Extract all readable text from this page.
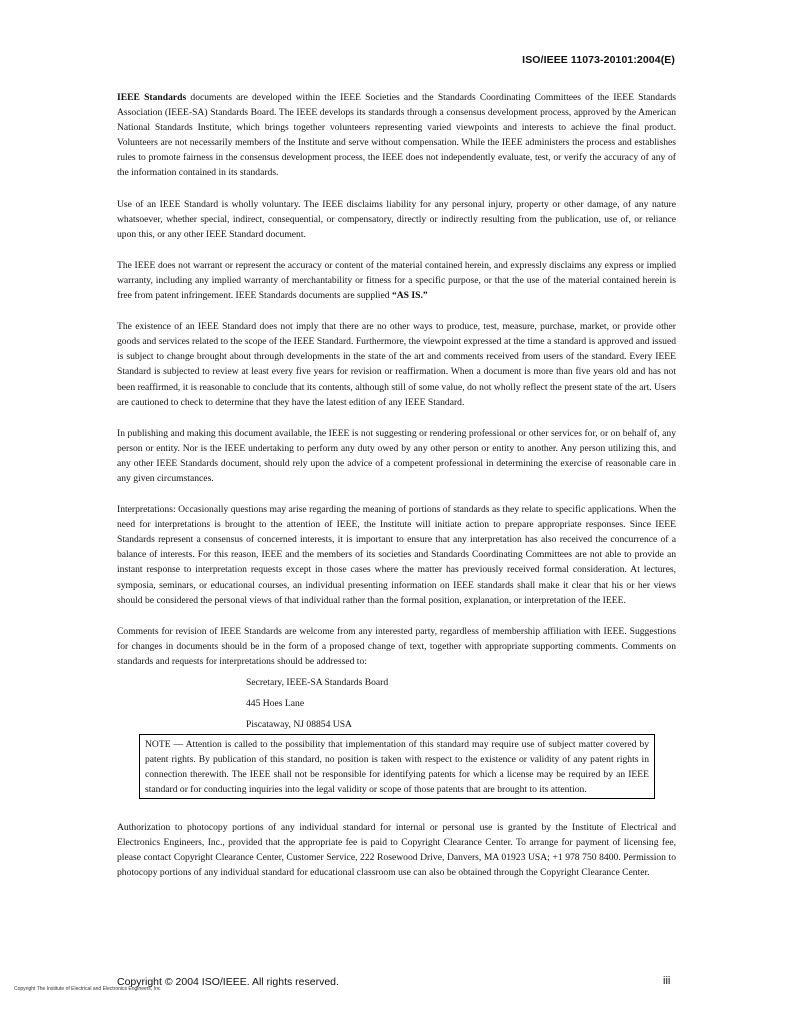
ISO/IEEE 11073-20101:2004(E)

IEEE Standards documents are developed within the IEEE Societies and the Standards Coordinating Committees of the IEEE Standards Association (IEEE-SA) Standards Board. The IEEE develops its standards through a consensus development process, approved by the American National Standards Institute, which brings together volunteers representing varied viewpoints and interests to achieve the final product. Volunteers are not necessarily members of the Institute and serve without compensation. While the IEEE administers the process and establishes rules to promote fairness in the consensus development process, the IEEE does not independently evaluate, test, or verify the accuracy of any of the information contained in its standards.

Use of an IEEE Standard is wholly voluntary. The IEEE disclaims liability for any personal injury, property or other damage, of any nature whatsoever, whether special, indirect, consequential, or compensatory, directly or indirectly resulting from the publication, use of, or reliance upon this, or any other IEEE Standard document.

The IEEE does not warrant or represent the accuracy or content of the material contained herein, and expressly disclaims any express or implied warranty, including any implied warranty of merchantability or fitness for a specific purpose, or that the use of the material contained herein is free from patent infringement. IEEE Standards documents are supplied “AS IS.”

The existence of an IEEE Standard does not imply that there are no other ways to produce, test, measure, purchase, market, or provide other goods and services related to the scope of the IEEE Standard. Furthermore, the viewpoint expressed at the time a standard is approved and issued is subject to change brought about through developments in the state of the art and comments received from users of the standard. Every IEEE Standard is subjected to review at least every five years for revision or reaffirmation. When a document is more than five years old and has not been reaffirmed, it is reasonable to conclude that its contents, although still of some value, do not wholly reflect the present state of the art. Users are cautioned to check to determine that they have the latest edition of any IEEE Standard.

In publishing and making this document available, the IEEE is not suggesting or rendering professional or other services for, or on behalf of, any person or entity. Nor is the IEEE undertaking to perform any duty owed by any other person or entity to another. Any person utilizing this, and any other IEEE Standards document, should rely upon the advice of a competent professional in determining the exercise of reasonable care in any given circumstances.

Interpretations: Occasionally questions may arise regarding the meaning of portions of standards as they relate to specific applications. When the need for interpretations is brought to the attention of IEEE, the Institute will initiate action to prepare appropriate responses. Since IEEE Standards represent a consensus of concerned interests, it is important to ensure that any interpretation has also received the concurrence of a balance of interests. For this reason, IEEE and the members of its societies and Standards Coordinating Committees are not able to provide an instant response to interpretation requests except in those cases where the matter has previously received formal consideration. At lectures, symposia, seminars, or educational courses, an individual presenting information on IEEE standards shall make it clear that his or her views should be considered the personal views of that individual rather than the formal position, explanation, or interpretation of the IEEE.

Comments for revision of IEEE Standards are welcome from any interested party, regardless of membership affiliation with IEEE. Suggestions for changes in documents should be in the form of a proposed change of text, together with appropriate supporting comments. Comments on standards and requests for interpretations should be addressed to:

Secretary, IEEE-SA Standards Board
445 Hoes Lane
Piscataway, NJ 08854 USA
NOTE — Attention is called to the possibility that implementation of this standard may require use of subject matter covered by patent rights. By publication of this standard, no position is taken with respect to the existence or validity of any patent rights in connection therewith. The IEEE shall not be responsible for identifying patents for which a license may be required by an IEEE standard or for conducting inquiries into the legal validity or scope of those patents that are brought to its attention.

Authorization to photocopy portions of any individual standard for internal or personal use is granted by the Institute of Electrical and Electronics Engineers, Inc., provided that the appropriate fee is paid to Copyright Clearance Center. To arrange for payment of licensing fee, please contact Copyright Clearance Center, Customer Service, 222 Rosewood Drive, Danvers, MA 01923 USA; +1 978 750 8400. Permission to photocopy portions of any individual standard for educational classroom use can also be obtained through the Copyright Clearance Center.

Copyright © 2004 ISO/IEEE. All rights reserved.	iii
Copyright The Institute of Electrical and Electronics Engineers, Inc
